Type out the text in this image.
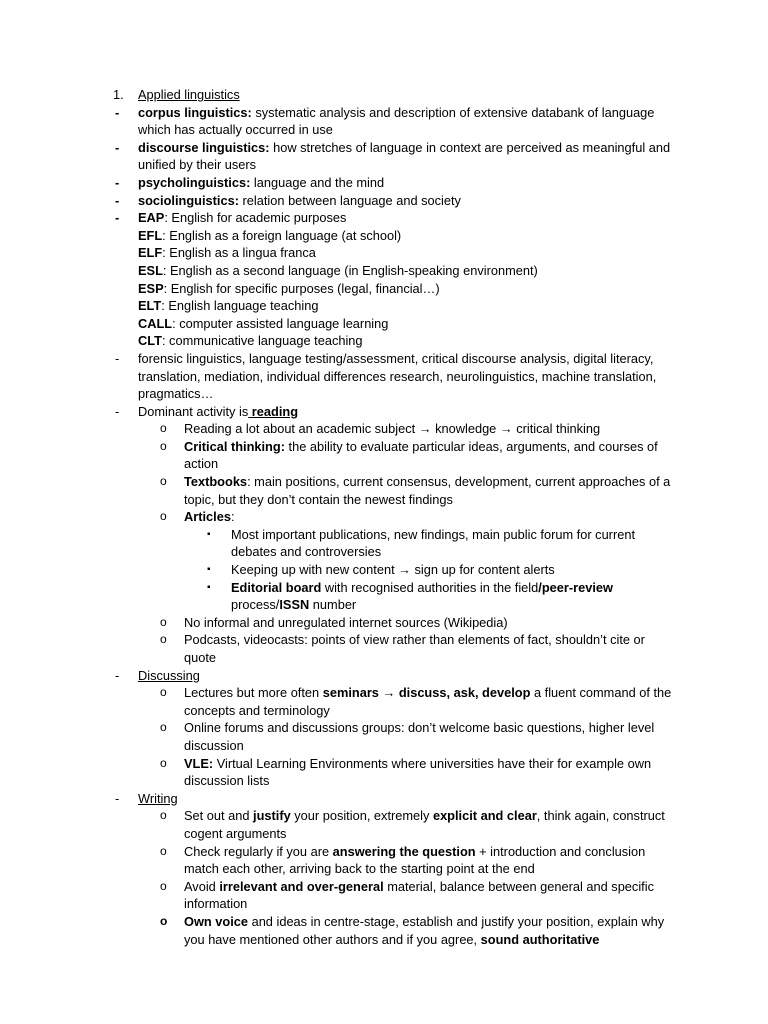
1. Applied linguistics
- corpus linguistics: systematic analysis and description of extensive databank of language which has actually occurred in use
- discourse linguistics: how stretches of language in context are perceived as meaningful and unified by their users
- psycholinguistics: language and the mind
- sociolinguistics: relation between language and society
- EAP: English for academic purposes
EFL: English as a foreign language (at school)
ELF: English as a lingua franca
ESL: English as a second language (in English-speaking environment)
ESP: English for specific purposes (legal, financial…)
ELT: English language teaching
CALL: computer assisted language learning
CLT: communicative language teaching
- forensic linguistics, language testing/assessment, critical discourse analysis, digital literacy, translation, mediation, individual differences research, neurolinguistics, machine translation, pragmatics…
- Dominant activity is reading
o Reading a lot about an academic subject → knowledge → critical thinking
o Critical thinking: the ability to evaluate particular ideas, arguments, and courses of action
o Textbooks: main positions, current consensus, development, current approaches of a topic, but they don’t contain the newest findings
o Articles:
▪ Most important publications, new findings, main public forum for current debates and controversies
▪ Keeping up with new content → sign up for content alerts
▪ Editorial board with recognised authorities in the field/peer-review process/ISSN number
o No informal and unregulated internet sources (Wikipedia)
o Podcasts, videocasts: points of view rather than elements of fact, shouldn’t cite or quote
- Discussing
o Lectures but more often seminars → discuss, ask, develop a fluent command of the concepts and terminology
o Online forums and discussions groups: don’t welcome basic questions, higher level discussion
o VLE: Virtual Learning Environments where universities have their for example own discussion lists
- Writing
o Set out and justify your position, extremely explicit and clear, think again, construct cogent arguments
o Check regularly if you are answering the question + introduction and conclusion match each other, arriving back to the starting point at the end
o Avoid irrelevant and over-general material, balance between general and specific information
o Own voice and ideas in centre-stage, establish and justify your position, explain why you have mentioned other authors and if you agree, sound authoritative
